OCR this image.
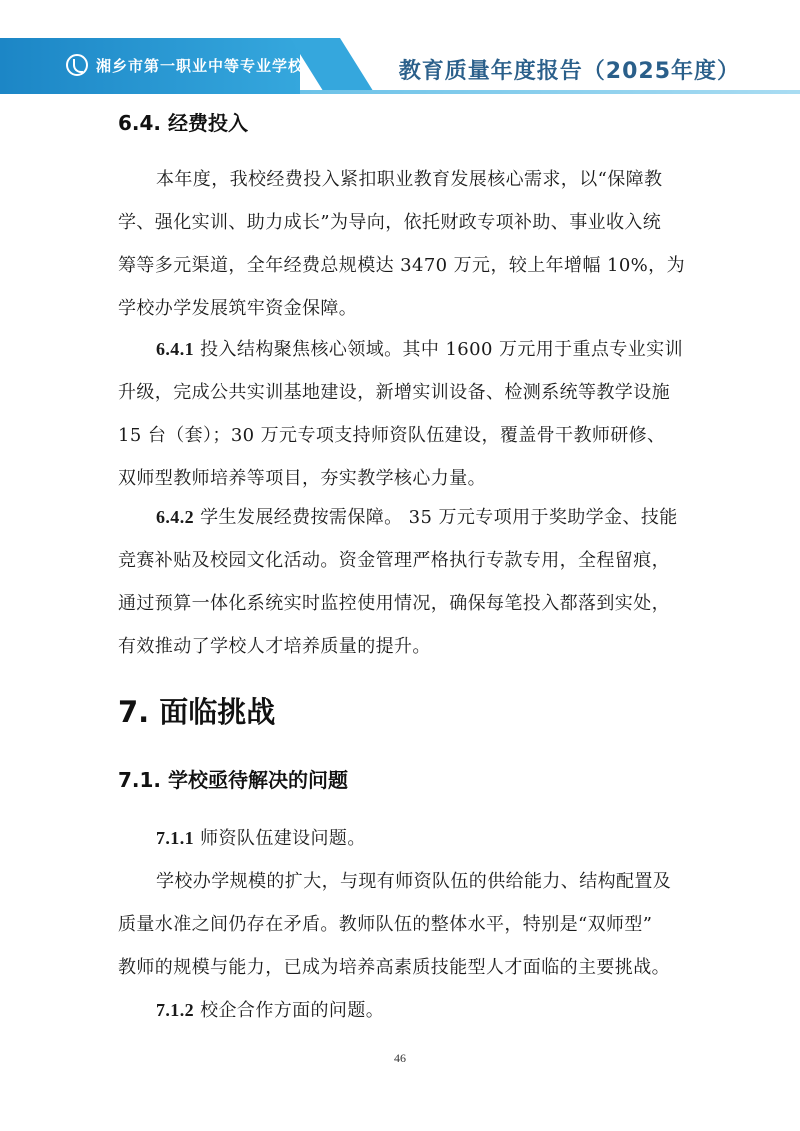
湘乡市第一职业中等专业学校	教育质量年度报告（2025年度）
6.4. 经费投入
本年度，我校经费投入紧扣职业教育发展核心需求，以“保障教
学、强化实训、助力成长”为导向，依托财政专项补助、事业收入统
筹等多元渠道，全年经费总规模达 3470 万元，较上年增幅 10%，为
学校办学发展筑牢资金保障。
6.4.1 投入结构聚焦核心领域。其中 1600 万元用于重点专业实训
升级，完成公共实训基地建设，新增实训设备、检测系统等教学设施
15 台（套）；30 万元专项支持师资队伍建设，覆盖骨干教师研修、
双师型教师培养等项目，夯实教学核心力量。
6.4.2 学生发展经费按需保障。 35 万元专项用于奖助学金、技能
竞赛补贴及校园文化活动。资金管理严格执行专款专用，全程留痕，
通过预算一体化系统实时监控使用情况，确保每笔投入都落到实处，
有效推动了学校人才培养质量的提升。
7. 面临挑战
7.1. 学校亟待解决的问题
7.1.1 师资队伍建设问题。
学校办学规模的扩大，与现有师资队伍的供给能力、结构配置及
质量水准之间仍存在矛盾。教师队伍的整体水平，特别是“双师型”
教师的规模与能力，已成为培养高素质技能型人才面临的主要挑战。
7.1.2 校企合作方面的问题。
46
